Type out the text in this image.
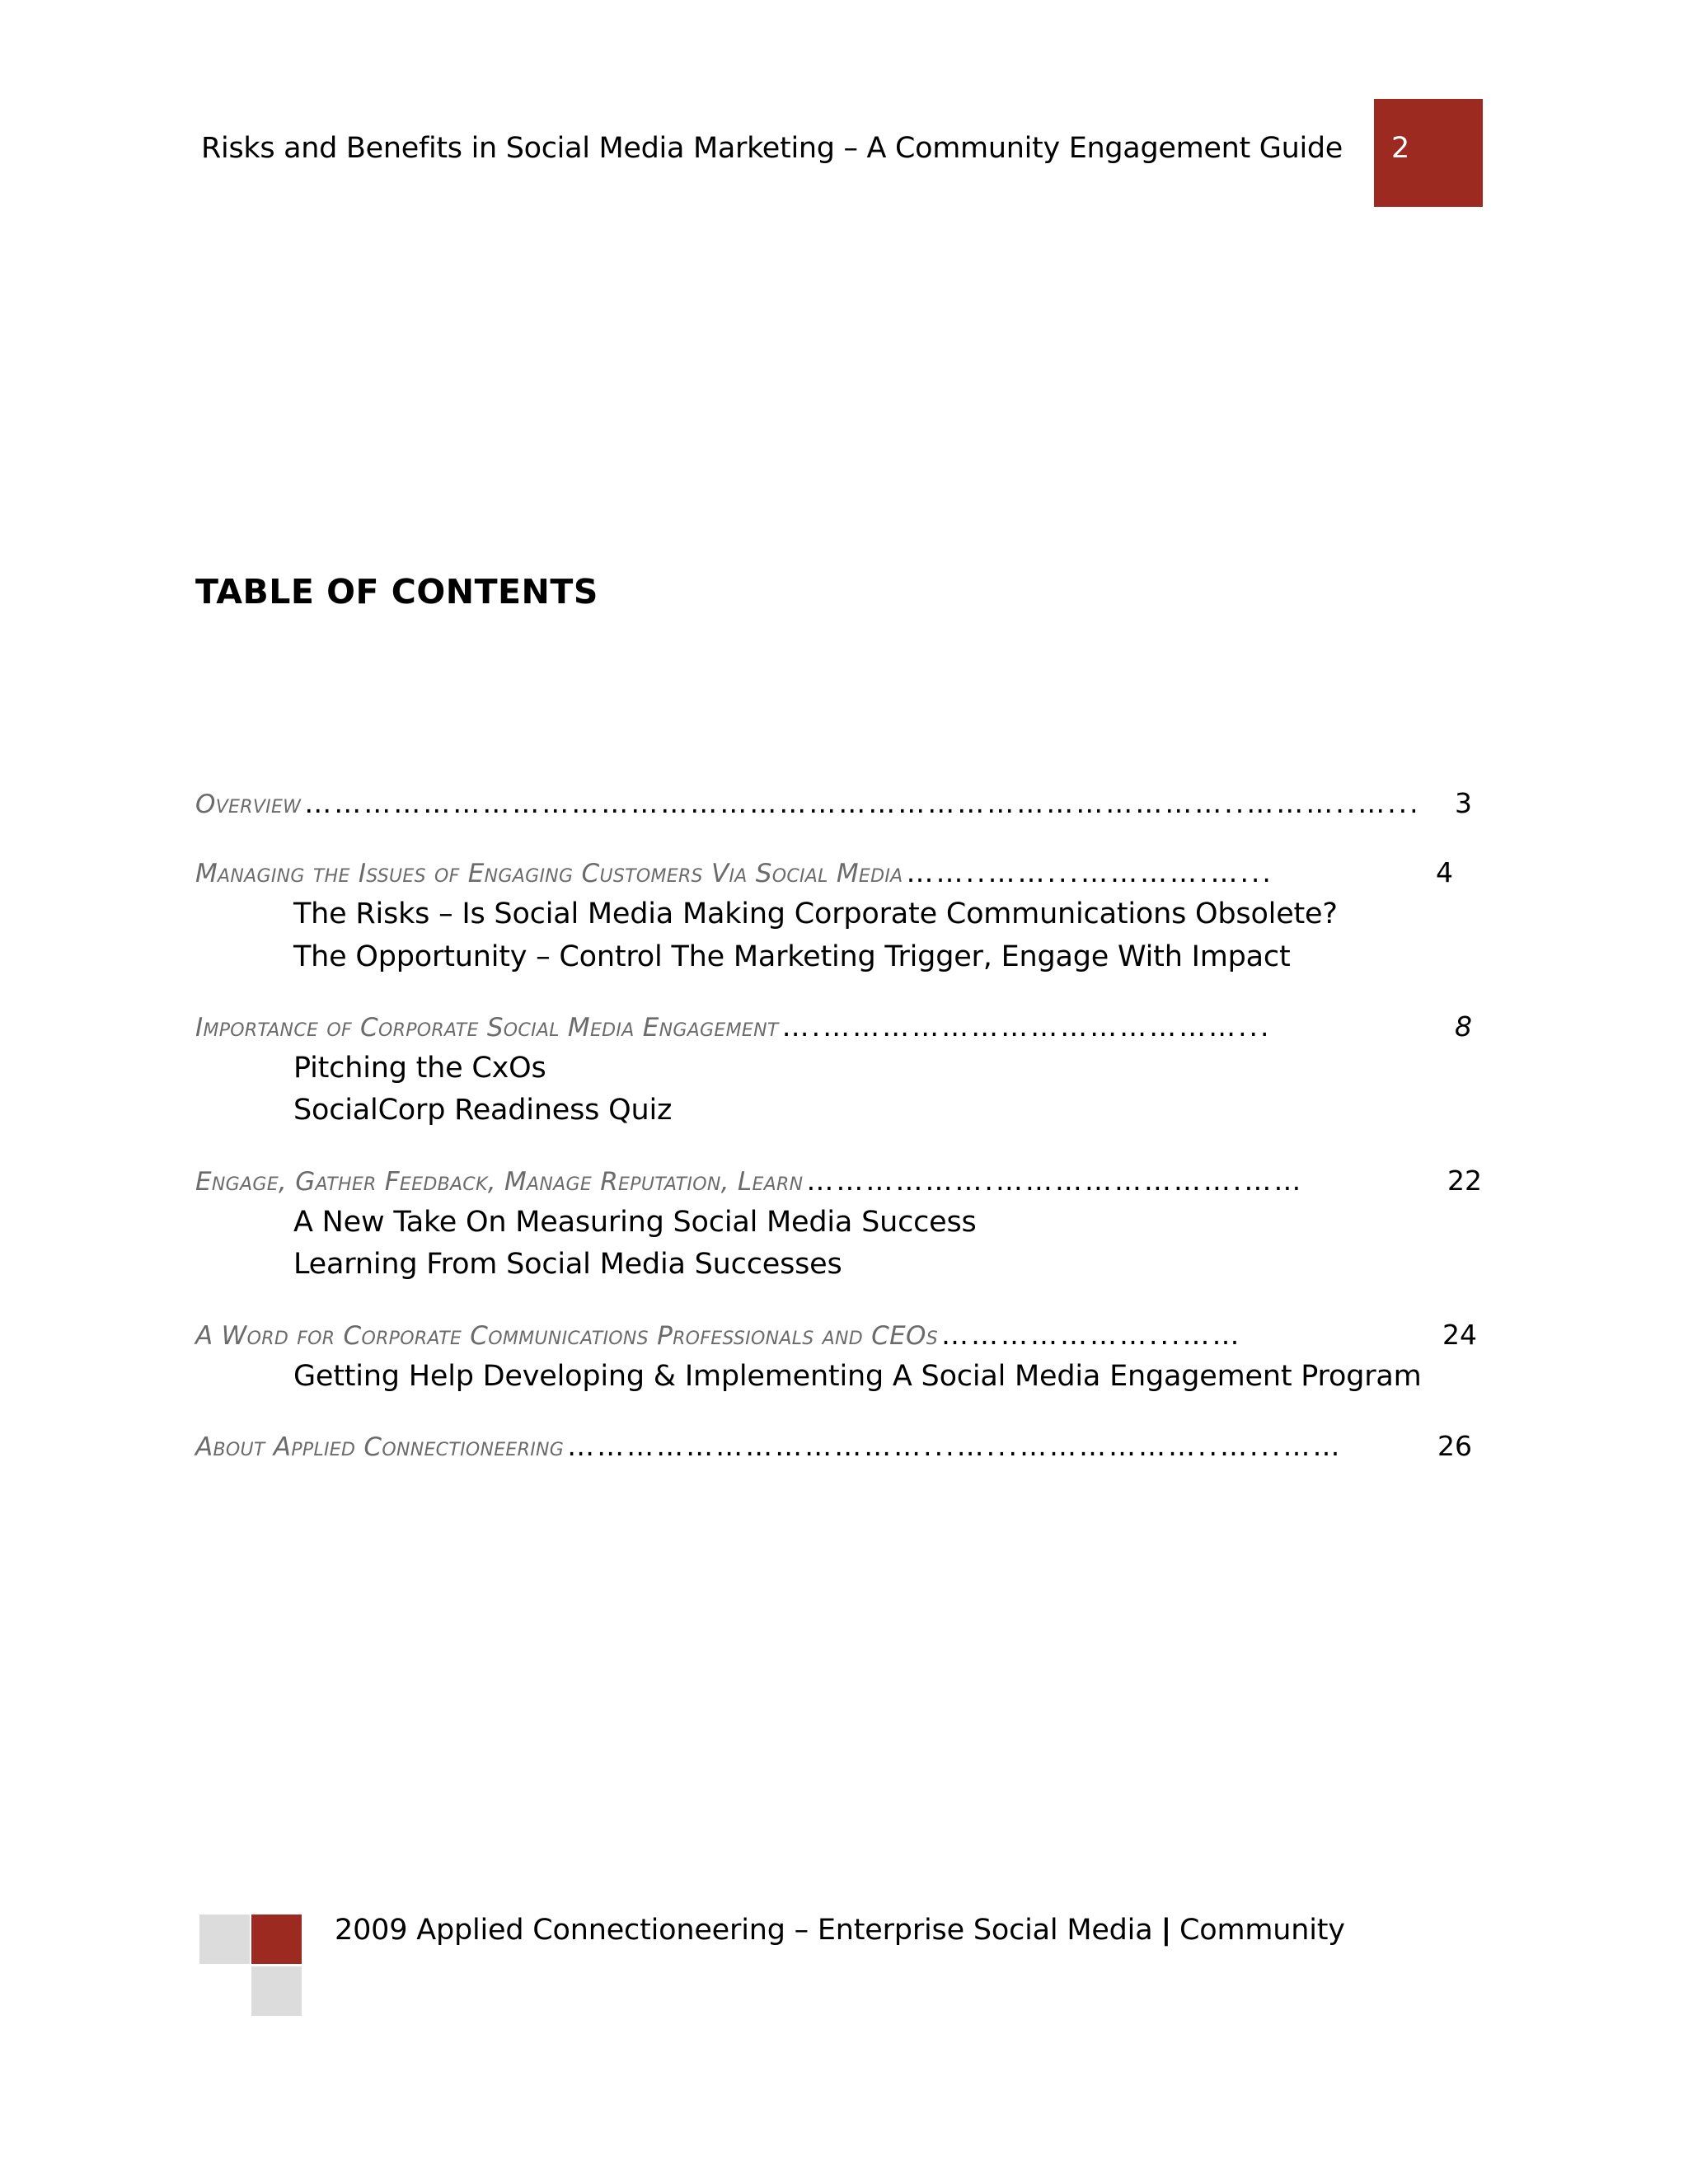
Risks and Benefits in Social Media Marketing – A Community Engagement Guide 2
TABLE OF CONTENTS
Overview …………………………………………………………………………………..………..…...	3
Managing the Issues of Engaging Customers Via Social Media ……..……...………….…...	4
The Risks – Is Social Media Making Corporate Communications Obsolete?
The Opportunity – Control The Marketing Trigger, Engage With Impact
Importance of Corporate Social Media Engagement ….……………………………………...	8
Pitching the CxOs
SocialCorp Readiness Quiz
Engage, Gather Feedback, Manage Reputation, Learn ……………….…………………….……	22
A New Take On Measuring Social Media Success
Learning From Social Media Successes
A Word for Corporate Communications Professionals and CEOs …………………...……	24
Getting Help Developing & Implementing A Social Media Engagement Program
About Applied Connectioneering ………………………………...…...………………..…...……	26
2009 Applied Connectioneering – Enterprise Social Media | Community
